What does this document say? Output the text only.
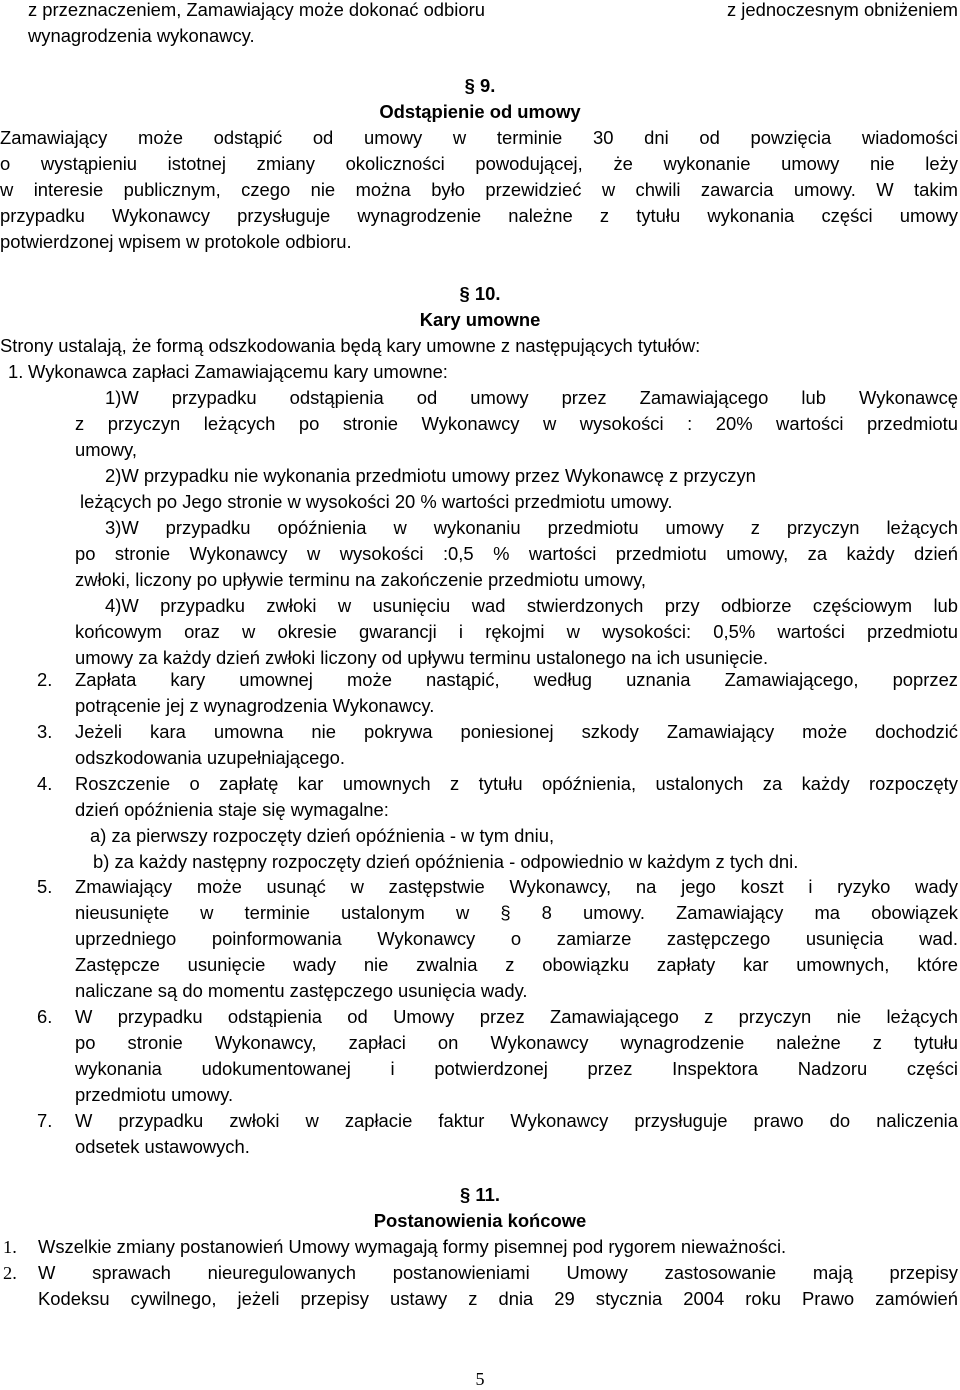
z przeznaczeniem, Zamawiający może dokonać odbioru	z jednoczesnym obniżeniem
wynagrodzenia wykonawcy.
§ 9.
Odstąpienie od umowy
Zamawiający może odstąpić od umowy w terminie 30 dni od powzięcia wiadomości
o wystąpieniu istotnej zmiany okoliczności powodującej, że wykonanie umowy nie leży
w interesie publicznym, czego nie można było przewidzieć w chwili zawarcia umowy. W takim
przypadku Wykonawcy przysługuje wynagrodzenie należne z tytułu wykonania części umowy
potwierdzonej wpisem w protokole odbioru.
§ 10.
Kary umowne
Strony ustalają, że formą odszkodowania będą kary umowne z następujących tytułów:
1. Wykonawca zapłaci Zamawiającemu kary umowne:
1)W przypadku odstąpienia od umowy przez Zamawiającego lub Wykonawcę
z przyczyn leżących po stronie Wykonawcy w wysokości : 20% wartości przedmiotu
umowy,
2)W przypadku nie wykonania przedmiotu umowy przez Wykonawcę z przyczyn
leżących po Jego stronie w wysokości 20 % wartości przedmiotu umowy.
3)W przypadku opóźnienia w wykonaniu przedmiotu umowy z przyczyn leżących
po stronie Wykonawcy w wysokości :0,5 % wartości przedmiotu umowy, za każdy dzień
zwłoki, liczony po upływie terminu na zakończenie przedmiotu umowy,
4)W przypadku zwłoki w usunięciu wad stwierdzonych przy odbiorze częściowym lub
końcowym oraz w okresie gwarancji i rękojmi w wysokości: 0,5% wartości przedmiotu
umowy za każdy dzień zwłoki liczony od upływu terminu ustalonego na ich usunięcie.
2. Zapłata kary umownej może nastąpić, według uznania Zamawiającego, poprzez
potrącenie jej z wynagrodzenia Wykonawcy.
3. Jeżeli kara umowna nie pokrywa poniesionej szkody Zamawiający może dochodzić
odszkodowania uzupełniającego.
4. Roszczenie o zapłatę kar umownych z tytułu opóźnienia, ustalonych za każdy rozpoczęty
dzień opóźnienia staje się wymagalne:
a) za pierwszy rozpoczęty dzień opóźnienia - w tym dniu,
b) za każdy następny rozpoczęty dzień opóźnienia - odpowiednio w każdym z tych dni.
5. Zmawiający może usunąć w zastępstwie Wykonawcy, na jego koszt i ryzyko wady
nieusunięte w terminie ustalonym w § 8 umowy. Zamawiający ma obowiązek
uprzedniego poinformowania Wykonawcy o zamiarze zastępczego usunięcia wad.
Zastępcze usunięcie wady nie zwalnia z obowiązku zapłaty kar umownych, które
naliczane są do momentu zastępczego usunięcia wady.
6. W przypadku odstąpienia od Umowy przez Zamawiającego z przyczyn nie leżących
po stronie Wykonawcy, zapłaci on Wykonawcy wynagrodzenie należne z tytułu
wykonania udokumentowanej i potwierdzonej przez Inspektora Nadzoru części
przedmiotu umowy.
7. W przypadku zwłoki w zapłacie faktur Wykonawcy przysługuje prawo do naliczenia
odsetek ustawowych.
§ 11.
Postanowienia końcowe
1. Wszelkie zmiany postanowień Umowy wymagają formy pisemnej pod rygorem nieważności.
2. W sprawach nieuregulowanych postanowieniami Umowy zastosowanie mają przepisy
Kodeksu cywilnego, jeżeli przepisy ustawy z dnia 29 stycznia 2004 roku Prawo zamówień
5
